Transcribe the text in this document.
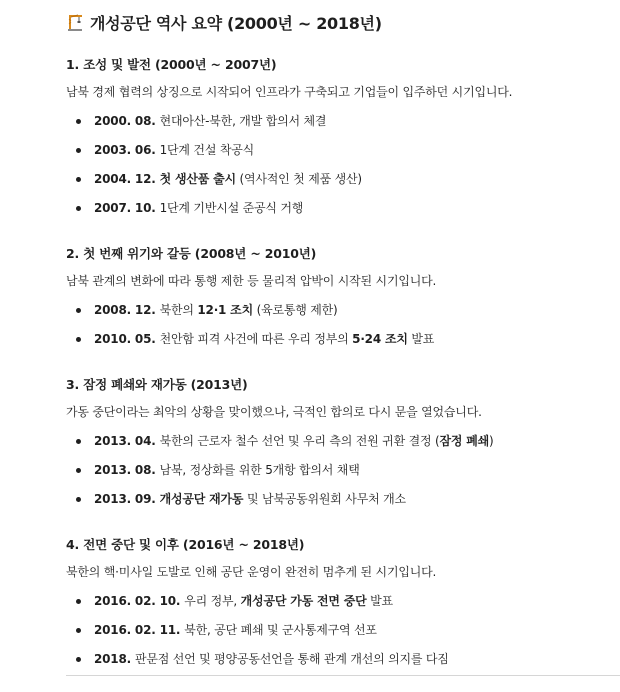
개성공단 역사 요약 (2000년 ~ 2018년)
1. 조성 및 발전 (2000년 ~ 2007년)
남북 경제 협력의 상징으로 시작되어 인프라가 구축되고 기업들이 입주하던 시기입니다.
2000. 08. 현대아산-북한, 개발 합의서 체결
2003. 06. 1단계 건설 착공식
2004. 12. 첫 생산품 출시 (역사적인 첫 제품 생산)
2007. 10. 1단계 기반시설 준공식 거행
2. 첫 번째 위기와 갈등 (2008년 ~ 2010년)
남북 관계의 변화에 따라 통행 제한 등 물리적 압박이 시작된 시기입니다.
2008. 12. 북한의 12·1 조치 (육로통행 제한)
2010. 05. 천안함 피격 사건에 따른 우리 정부의 5·24 조치 발표
3. 잠정 폐쇄와 재가동 (2013년)
가동 중단이라는 최악의 상황을 맞이했으나, 극적인 합의로 다시 문을 열었습니다.
2013. 04. 북한의 근로자 철수 선언 및 우리 측의 전원 귀환 결정 (잠정 폐쇄)
2013. 08. 남북, 정상화를 위한 5개항 합의서 채택
2013. 09. 개성공단 재가동 및 남북공동위원회 사무처 개소
4. 전면 중단 및 이후 (2016년 ~ 2018년)
북한의 핵·미사일 도발로 인해 공단 운영이 완전히 멈추게 된 시기입니다.
2016. 02. 10. 우리 정부, 개성공단 가동 전면 중단 발표
2016. 02. 11. 북한, 공단 폐쇄 및 군사통제구역 선포
2018. 판문점 선언 및 평양공동선언을 통해 관계 개선의 의지를 다짐
